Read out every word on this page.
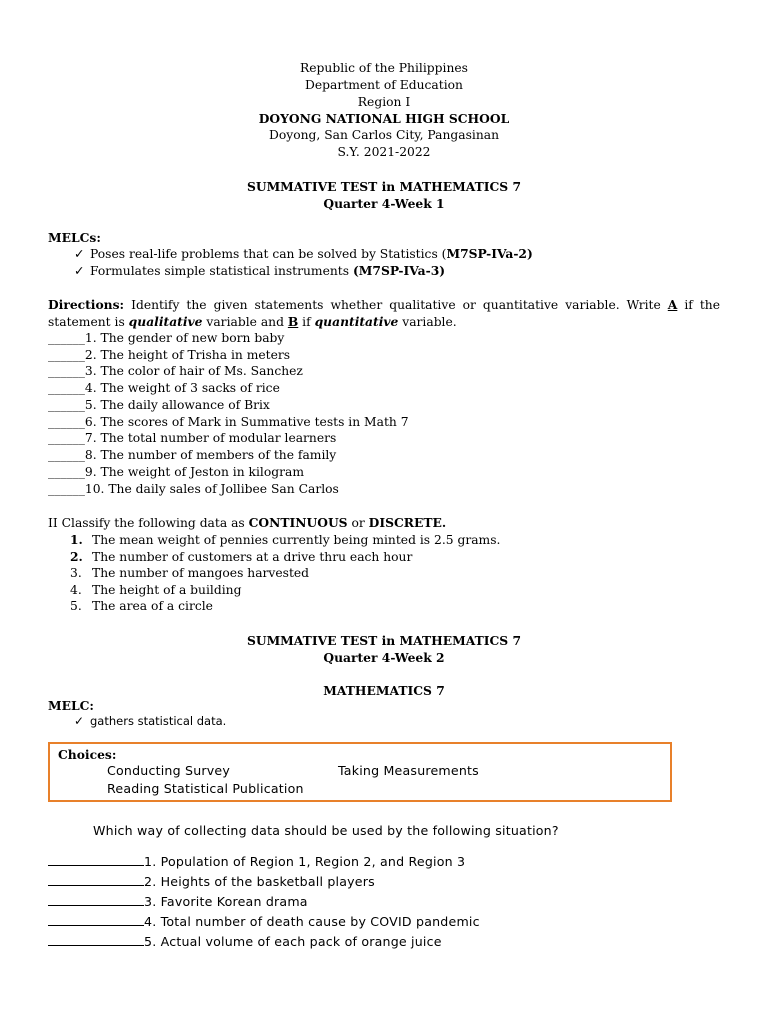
Republic of the Philippines
Department of Education
Region I
DOYONG NATIONAL HIGH SCHOOL
Doyong, San Carlos City, Pangasinan
S.Y. 2021-2022
SUMMATIVE TEST in MATHEMATICS 7
Quarter 4-Week 1
MELCs:
✓ Poses real-life problems that can be solved by Statistics (M7SP-IVa-2)
✓ Formulates simple statistical instruments (M7SP-IVa-3)
Directions: Identify the given statements whether qualitative or quantitative variable. Write A if the
statement is qualitative variable and B if quantitative variable.
______1. The gender of new born baby
______2. The height of Trisha in meters
______3. The color of hair of Ms. Sanchez
______4. The weight of 3 sacks of rice
______5. The daily allowance of Brix
______6. The scores of Mark in Summative tests in Math 7
______7. The total number of modular learners
______8. The number of members of the family
______9. The weight of Jeston in kilogram
______10. The daily sales of Jollibee San Carlos
II Classify the following data as CONTINUOUS or DISCRETE.
1. The mean weight of pennies currently being minted is 2.5 grams.
2. The number of customers at a drive thru each hour
3. The number of mangoes harvested
4. The height of a building
5. The area of a circle
SUMMATIVE TEST in MATHEMATICS 7
Quarter 4-Week 2
MATHEMATICS 7
MELC:
✓ gathers statistical data.
Choices:
Conducting Survey	Taking Measurements
Reading Statistical Publication
Which way of collecting data should be used by the following situation?
1. Population of Region 1, Region 2, and Region 3
2. Heights of the basketball players
3. Favorite Korean drama
4. Total number of death cause by COVID pandemic
5. Actual volume of each pack of orange juice
